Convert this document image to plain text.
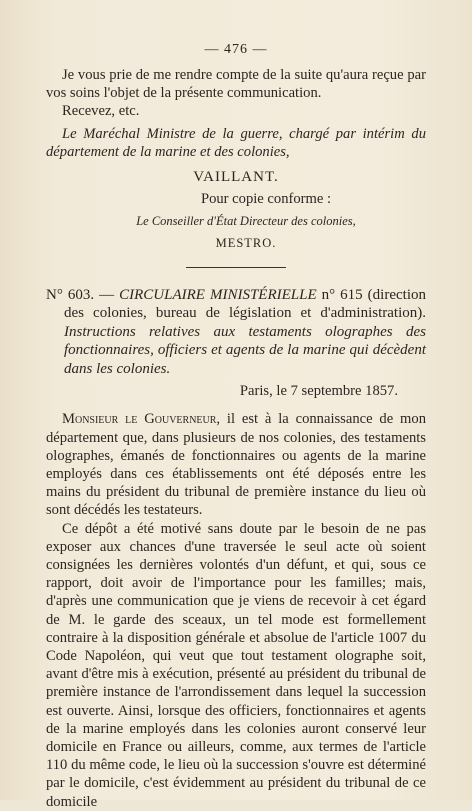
— 476 —

Je vous prie de me rendre compte de la suite qu'aura reçue par vos soins l'objet de la présente communication.

Recevez, etc.

Le Maréchal Ministre de la guerre, chargé par intérim du département de la marine et des colonies,

VAILLANT.

Pour copie conforme :

Le Conseiller d'État Directeur des colonies,

MESTRO.

N° 603. — CIRCULAIRE MINISTÉRIELLE n° 615 (direction des colonies, bureau de législation et d'administration). Instructions relatives aux testaments olographes des fonctionnaires, officiers et agents de la marine qui décèdent dans les colonies.

Paris, le 7 septembre 1857.

Monsieur le Gouverneur, il est à la connaissance de mon département que, dans plusieurs de nos colonies, des testaments olographes, émanés de fonctionnaires ou agents de la marine employés dans ces établissements ont été déposés entre les mains du président du tribunal de première instance du lieu où sont décédés les testateurs.

Ce dépôt a été motivé sans doute par le besoin de ne pas exposer aux chances d'une traversée le seul acte où soient consignées les dernières volontés d'un défunt, et qui, sous ce rapport, doit avoir de l'importance pour les familles; mais, d'après une communication que je viens de recevoir à cet égard de M. le garde des sceaux, un tel mode est formellement contraire à la disposition générale et absolue de l'article 1007 du Code Napoléon, qui veut que tout testament olographe soit, avant d'être mis à exécution, présenté au président du tribunal de première instance de l'arrondissement dans lequel la succession est ouverte. Ainsi, lorsque des officiers, fonctionnaires et agents de la marine employés dans les colonies auront conservé leur domicile en France ou ailleurs, comme, aux termes de l'article 110 du même code, le lieu où la succession s'ouvre est déterminé par le domicile, c'est évidemment au président du tribunal de ce domicile
